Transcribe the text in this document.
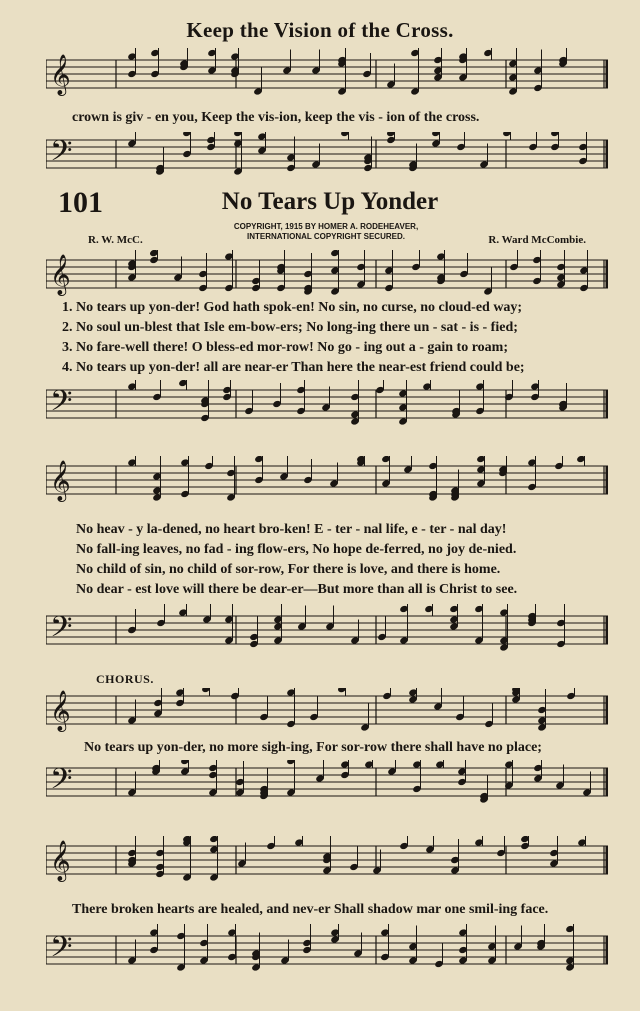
Keep the Vision of the Cross.
𝄞
crown is giv - en you, Keep the vis-ion, keep the vis - ion of the cross.
𝄢
101	No Tears Up Yonder
COPYRIGHT, 1915 BY HOMER A. RODEHEAVER,
INTERNATIONAL COPYRIGHT SECURED.
R. W. McC.	R. Ward McCombie.
𝄞
1. No tears up yon-der! God hath spok-en! No sin, no curse, no cloud-ed way;
2. No soul un-blest that Isle em-bow-ers; No long-ing there un - sat - is - fied;
3. No fare-well there! O bless-ed mor-row! No go - ing out a - gain to roam;
4. No tears up yon-der! all are near-er Than here the near-est friend could be;
𝄢
𝄞
No heav - y la-dened, no heart bro-ken! E - ter - nal life, e - ter - nal day!
No fall-ing leaves, no fad - ing flow-ers, No hope de-ferred, no joy de-nied.
No child of sin, no child of sor-row, For there is love, and there is home.
No dear - est love will there be dear-er—But more than all is Christ to see.
𝄢
CHORUS.
𝄞
No tears up yon-der, no more sigh-ing, For sor-row there shall have no place;
𝄢
𝄞
There broken hearts are healed, and nev-er Shall shadow mar one smil-ing face.
𝄢
